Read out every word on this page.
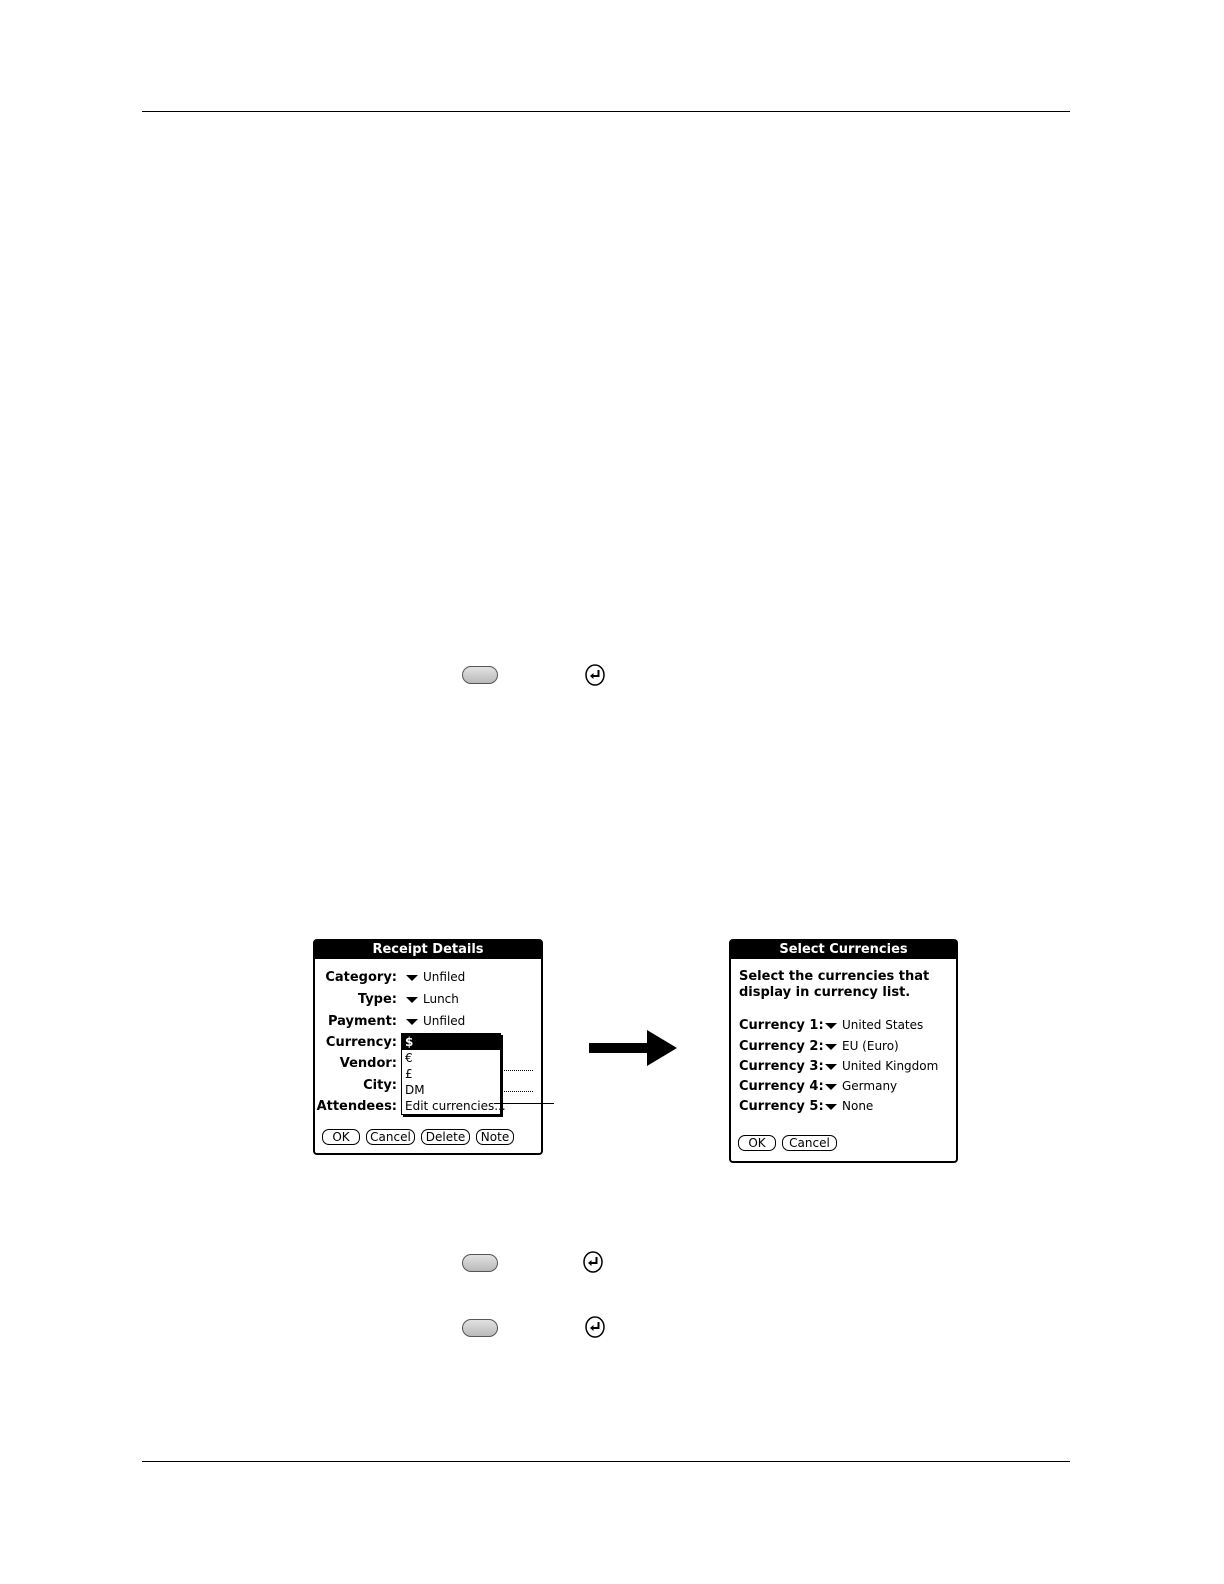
Receipt Details
Category:	Unfiled
Type:	Lunch
Payment:	Unfiled
Currency:
Vendor:
City:
Attendees:
$
€
£
DM
Edit currencies...
OK	Cancel	Delete	Note
Select Currencies
Select the currencies that
display in currency list.
Currency 1:	United States
Currency 2:	EU (Euro)
Currency 3:	United Kingdom
Currency 4:	Germany
Currency 5:	None
OK	Cancel
